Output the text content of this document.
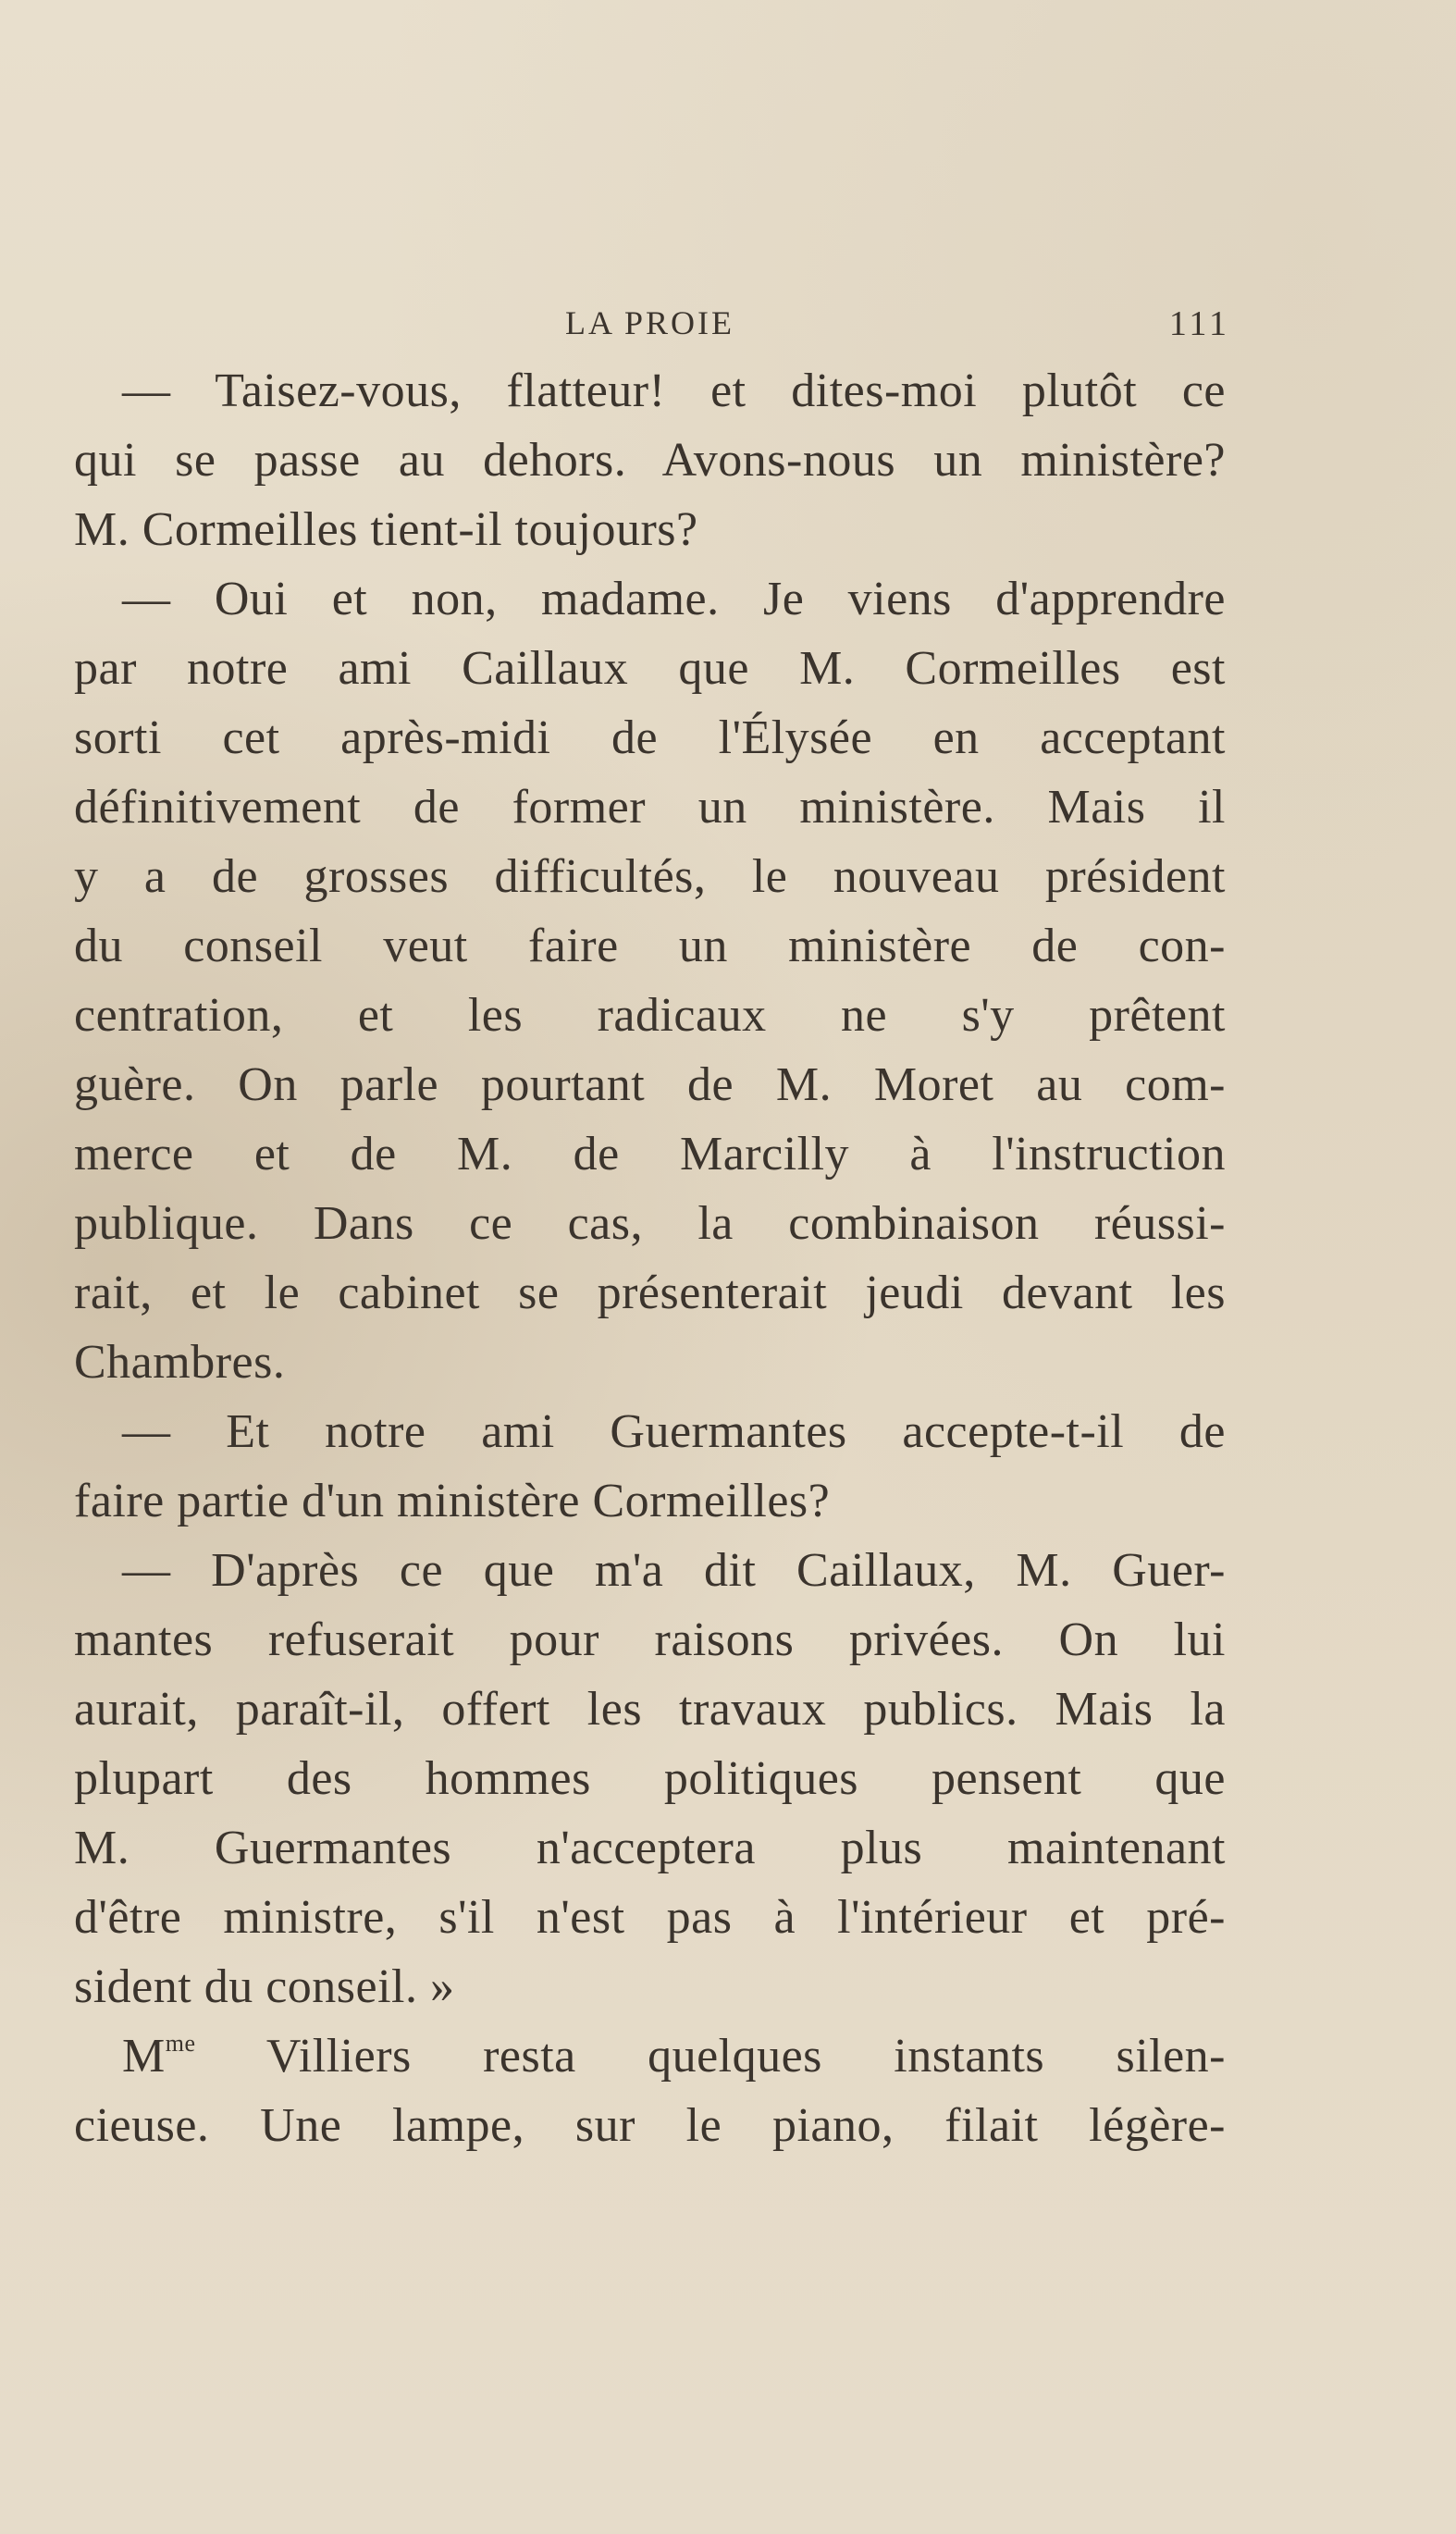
LA PROIE	111
— Taisez-vous, flatteur! et dites-moi plutôt ce
qui se passe au dehors. Avons-nous un ministère?
M. Cormeilles tient-il toujours?
— Oui et non, madame. Je viens d'apprendre
par notre ami Caillaux que M. Cormeilles est
sorti cet après-midi de l'Élysée en acceptant
définitivement de former un ministère. Mais il
y a de grosses difficultés, le nouveau président
du conseil veut faire un ministère de con-
centration, et les radicaux ne s'y prêtent
guère. On parle pourtant de M. Moret au com-
merce et de M. de Marcilly à l'instruction
publique. Dans ce cas, la combinaison réussi-
rait, et le cabinet se présenterait jeudi devant les
Chambres.
— Et notre ami Guermantes accepte-t-il de
faire partie d'un ministère Cormeilles?
— D'après ce que m'a dit Caillaux, M. Guer-
mantes refuserait pour raisons privées. On lui
aurait, paraît-il, offert les travaux publics. Mais la
plupart des hommes politiques pensent que
M. Guermantes n'acceptera plus maintenant
d'être ministre, s'il n'est pas à l'intérieur et pré-
sident du conseil. »
$M^{me}$ Villiers resta quelques instants silen-
cieuse. Une lampe, sur le piano, filait légère-
